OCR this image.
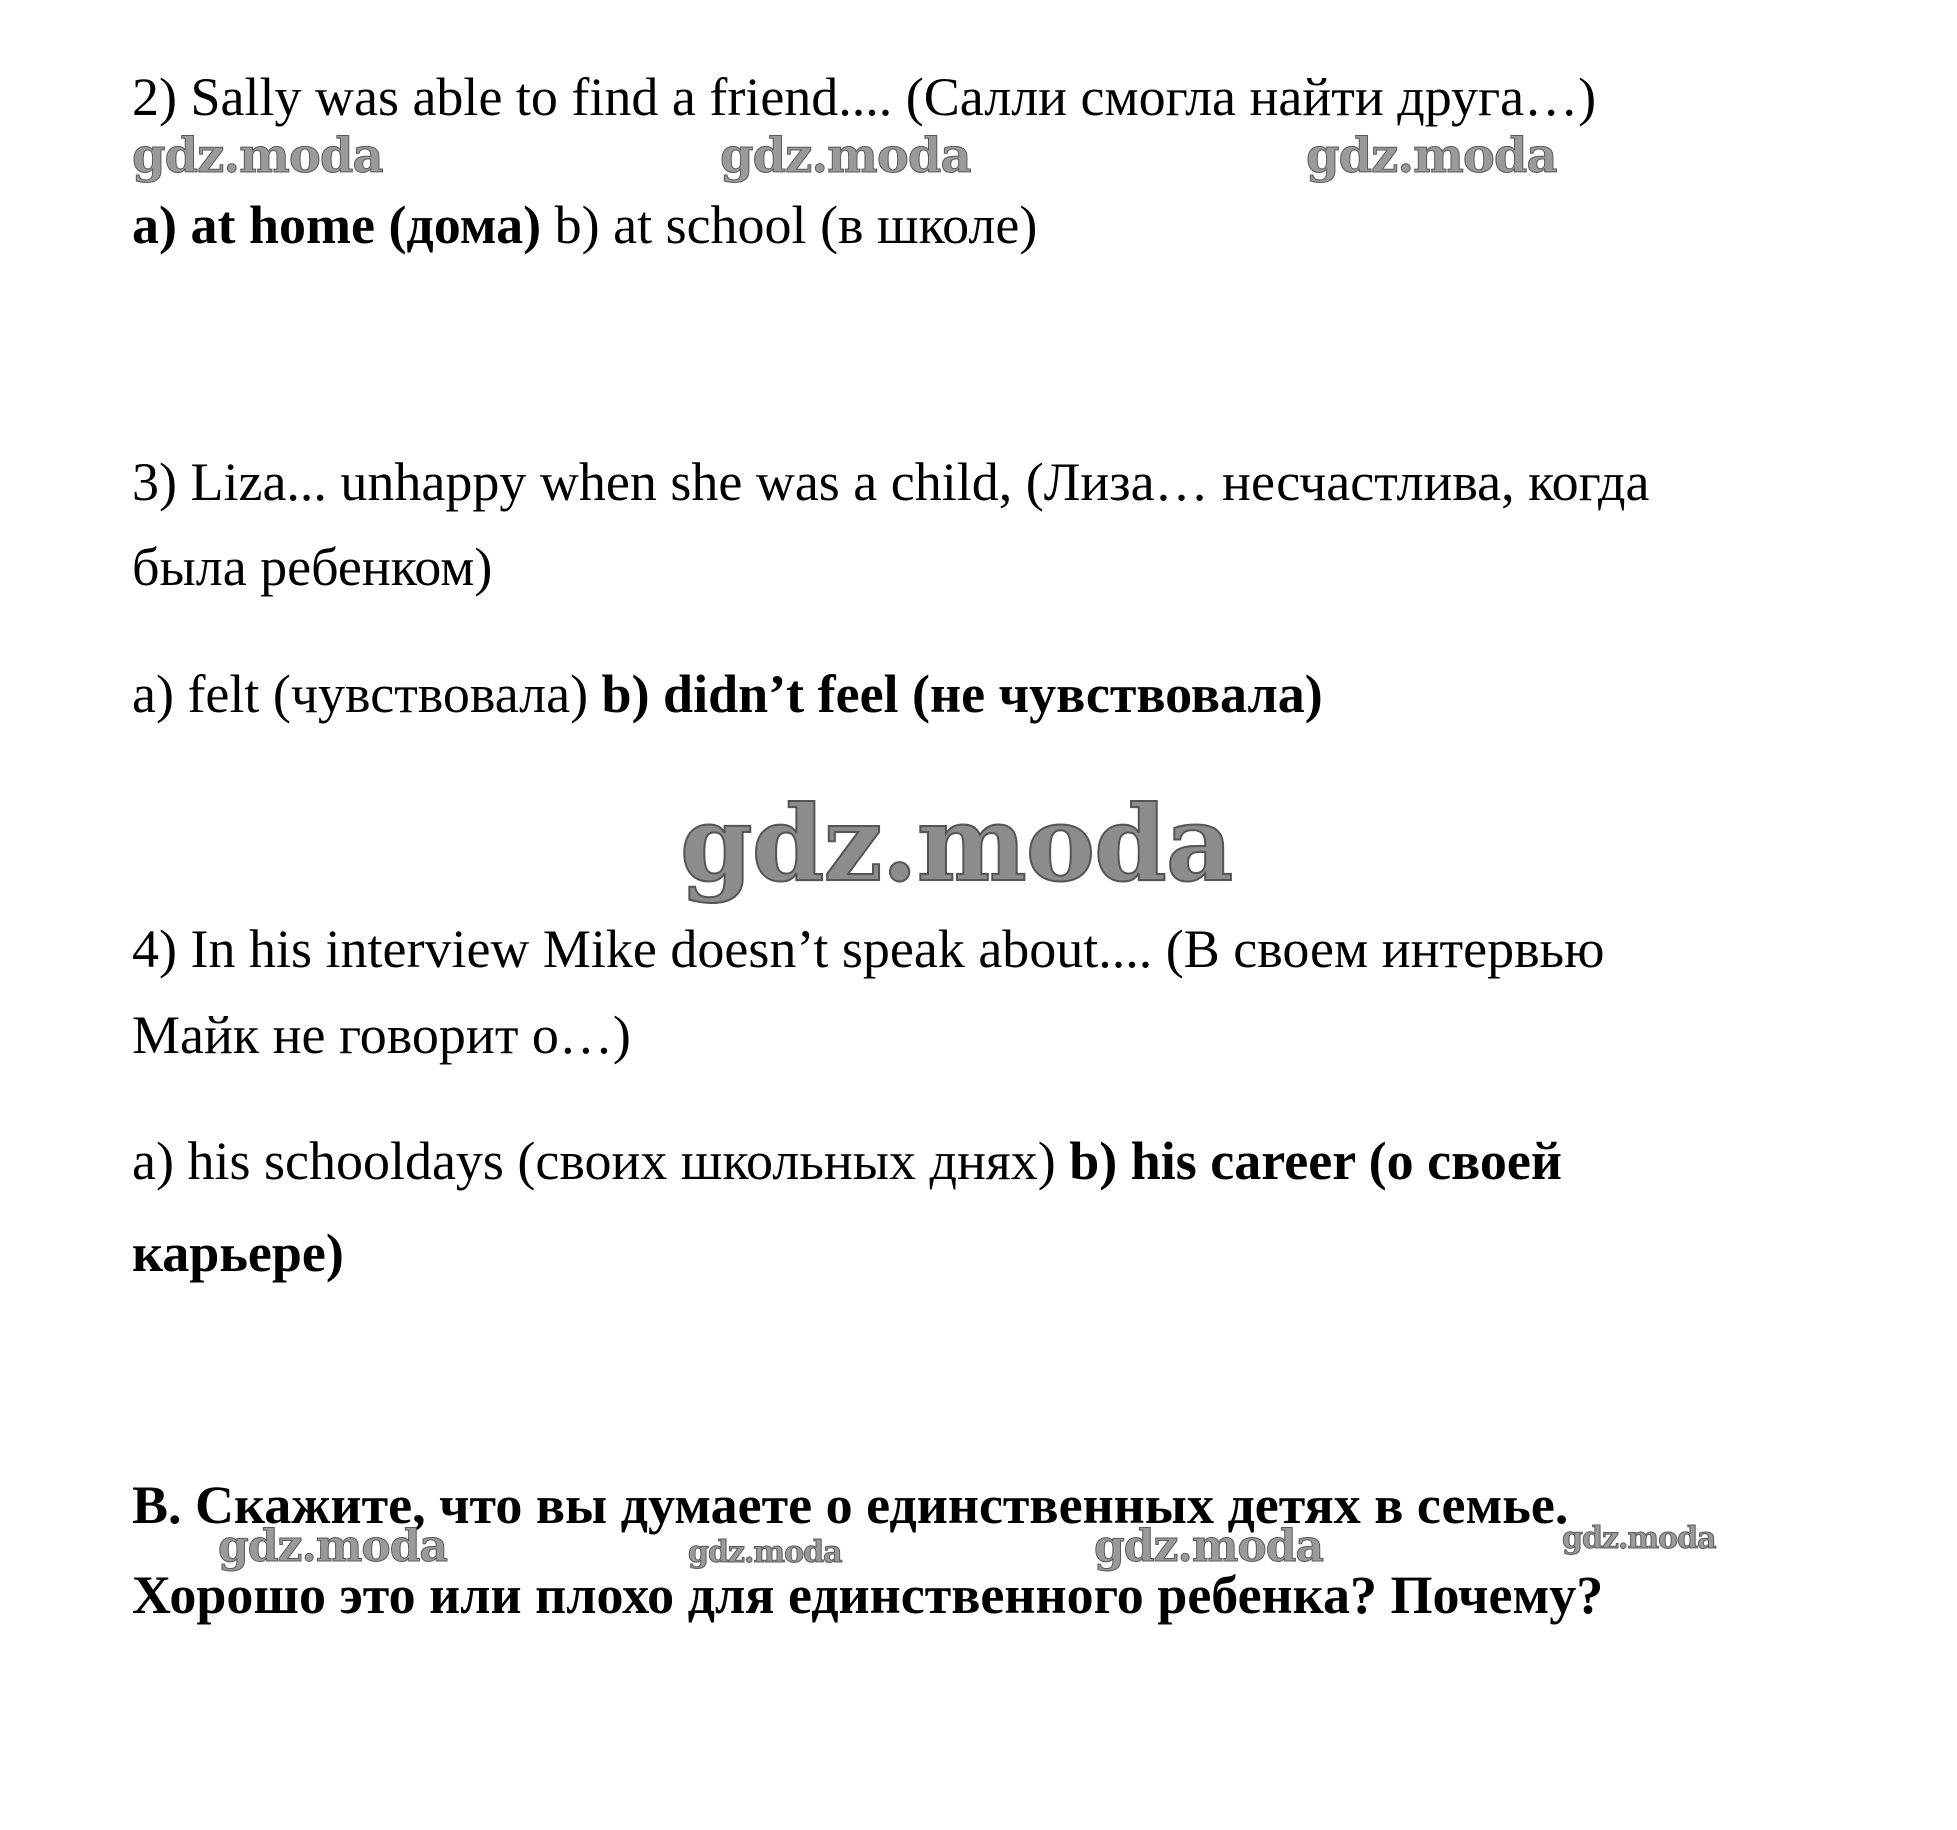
2) Sally was able to find a friend.... (Салли смогла найти друга…)
a) at home (дома) b) at school (в школе)
3) Liza... unhappy when she was a child, (Лиза… несчастлива, когда
была ребенком)
a) felt (чувствовала) b) didn’t feel (не чувствовала)
4) In his interview Mike doesn’t speak about.... (В своем интервью
Майк не говорит о…)
a) his schooldays (своих школьных днях) b) his career (о своей
карьере)
B. Скажите, что вы думаете о единственных детях в семье.
Хорошо это или плохо для единственного ребенка? Почему?
gdz.moda	gdz.moda	gdz.moda
gdz.moda
gdz.moda	gdz.moda	gdz.moda	gdz.moda
